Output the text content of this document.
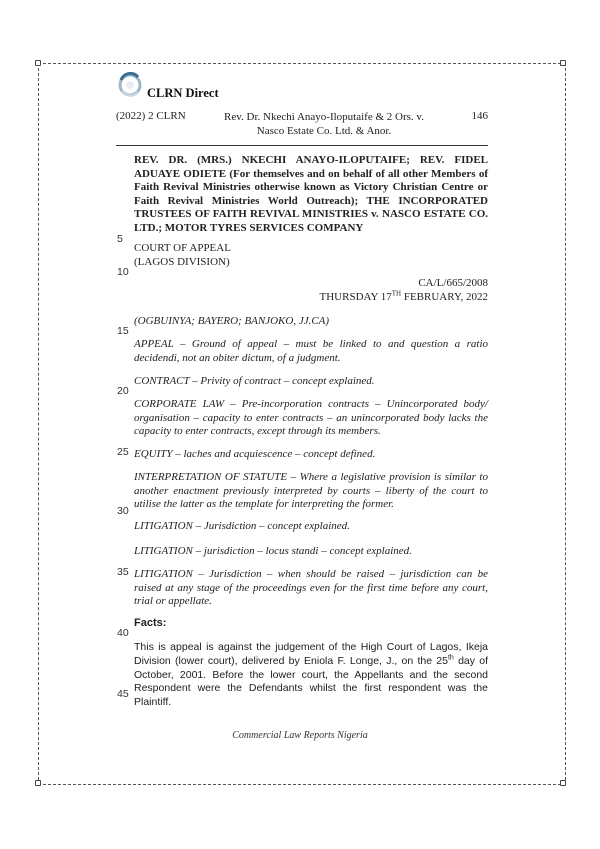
CLRN Direct
(2022) 2 CLRN	Rev. Dr. Nkechi Anayo-Iloputaife & 2 Ors. v.
Nasco Estate Co. Ltd. & Anor.
146
5
10
15
20
25
30
35
40
45
REV. DR. (MRS.) NKECHI ANAYO-ILOPUTAIFE; REV. FIDEL ADUAYE ODIETE (For themselves and on behalf of all other Members of Faith Revival Ministries otherwise known as Victory Christian Centre or Faith Revival Ministries World Outreach); THE INCORPORATED TRUSTEES OF FAITH REVIVAL MINISTRIES v. NASCO ESTATE CO. LTD.; MOTOR TYRES SERVICES COMPANY
COURT OF APPEAL
(LAGOS DIVISION)
CA/L/665/2008
THURSDAY 17TH FEBRUARY, 2022
(OGBUINYA; BAYERO; BANJOKO, JJ.CA)
APPEAL – Ground of appeal – must be linked to and question a ratio decidendi, not an obiter dictum, of a judgment.
CONTRACT – Privity of contract – concept explained.
CORPORATE LAW – Pre-incorporation contracts – Unincorporated body/ organisation – capacity to enter contracts – an unincorporated body lacks the capacity to enter contracts, except through its members.
EQUITY – laches and acquiescence – concept defined.
INTERPRETATION OF STATUTE – Where a legislative provision is similar to another enactment previously interpreted by courts – liberty of the court to utilise the latter as the template for interpreting the former.
LITIGATION – Jurisdiction – concept explained.
LITIGATION – jurisdiction – locus standi – concept explained.
LITIGATION – Jurisdiction – when should be raised – jurisdiction can be raised at any stage of the proceedings even for the first time before any court, trial or appellate.
Facts:
This is appeal is against the judgement of the High Court of Lagos, Ikeja Division (lower court), delivered by Eniola F. Longe, J., on the 25th day of October, 2001. Before the lower court, the Appellants and the second Respondent were the Defendants whilst the first respondent was the Plaintiff.
Commercial Law Reports Nigeria
